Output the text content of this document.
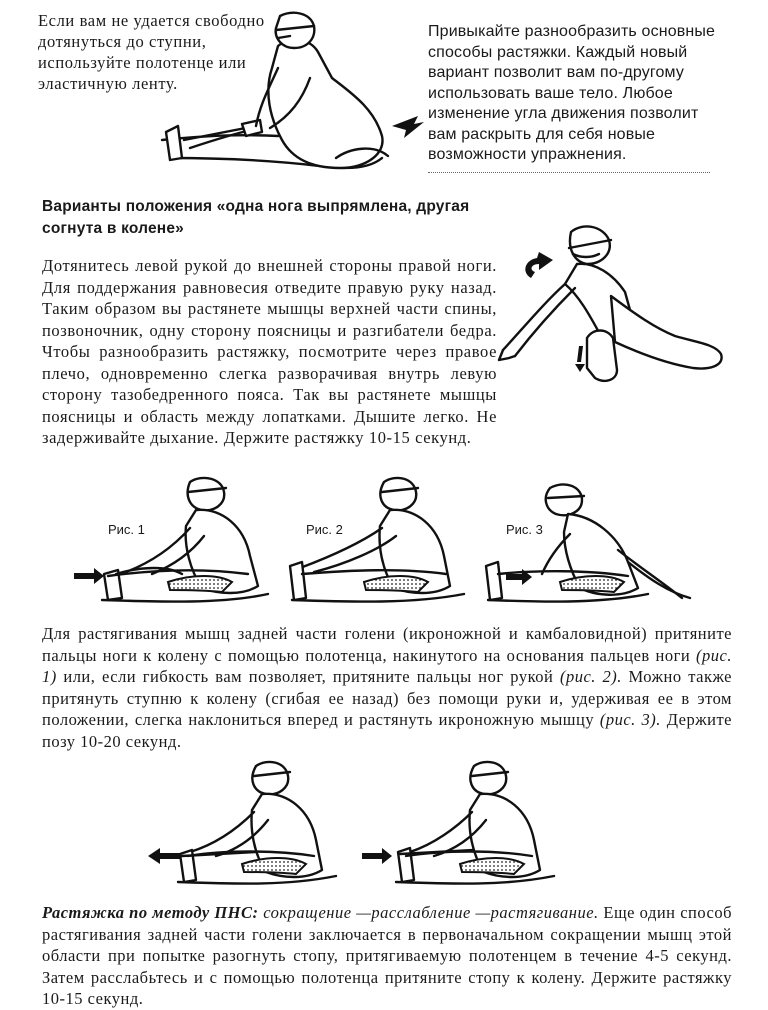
Если вам не удается свободно дотянуться до ступни, используйте полотенце или эластичную ленту.
Привыкайте разнообразить основные способы растяжки. Каждый новый вариант позволит вам по-другому использовать ваше тело. Любое изменение угла движения позволит вам раскрыть для себя новые возможности упражнения.
Варианты положения «одна нога выпрямлена, другая согнута в колене»
Дотянитесь левой рукой до внешней стороны правой ноги. Для поддержания равновесия отведите правую руку назад. Таким образом вы растянете мышцы верхней части спины, позвоночник, одну сторону поясницы и разгибатели бедра. Чтобы разнообразить растяжку, посмотрите через правое плечо, одновременно слегка разворачивая внутрь левую сторону тазобедренного пояса. Так вы растянете мышцы поясницы и область между лопатками. Дышите легко. Не задерживайте дыхание. Держите растяжку 10-15 секунд.
Рис. 1	Рис. 2	Рис. 3
Для растягивания мышц задней части голени (икроножной и камбаловидной) притяните пальцы ноги к колену с помощью полотенца, накинутого на основания пальцев ноги (рис. 1) или, если гибкость вам позволяет, притяните пальцы ног рукой (рис. 2). Можно также притянуть ступню к колену (сгибая ее назад) без помощи руки и, удерживая ее в этом положении, слегка наклониться вперед и растянуть икроножную мышцу (рис. 3). Держите позу 10-20 секунд.
Растяжка по методу ПНС: сокращение —расслабление —растягивание. Еще один способ растягивания задней части голени заключается в первоначальном сокращении мышц этой области при попытке разогнуть стопу, притягиваемую полотенцем в течение 4-5 секунд. Затем расслабьтесь и с помощью полотенца притяните стопу к колену. Держите растяжку 10-15 секунд.
